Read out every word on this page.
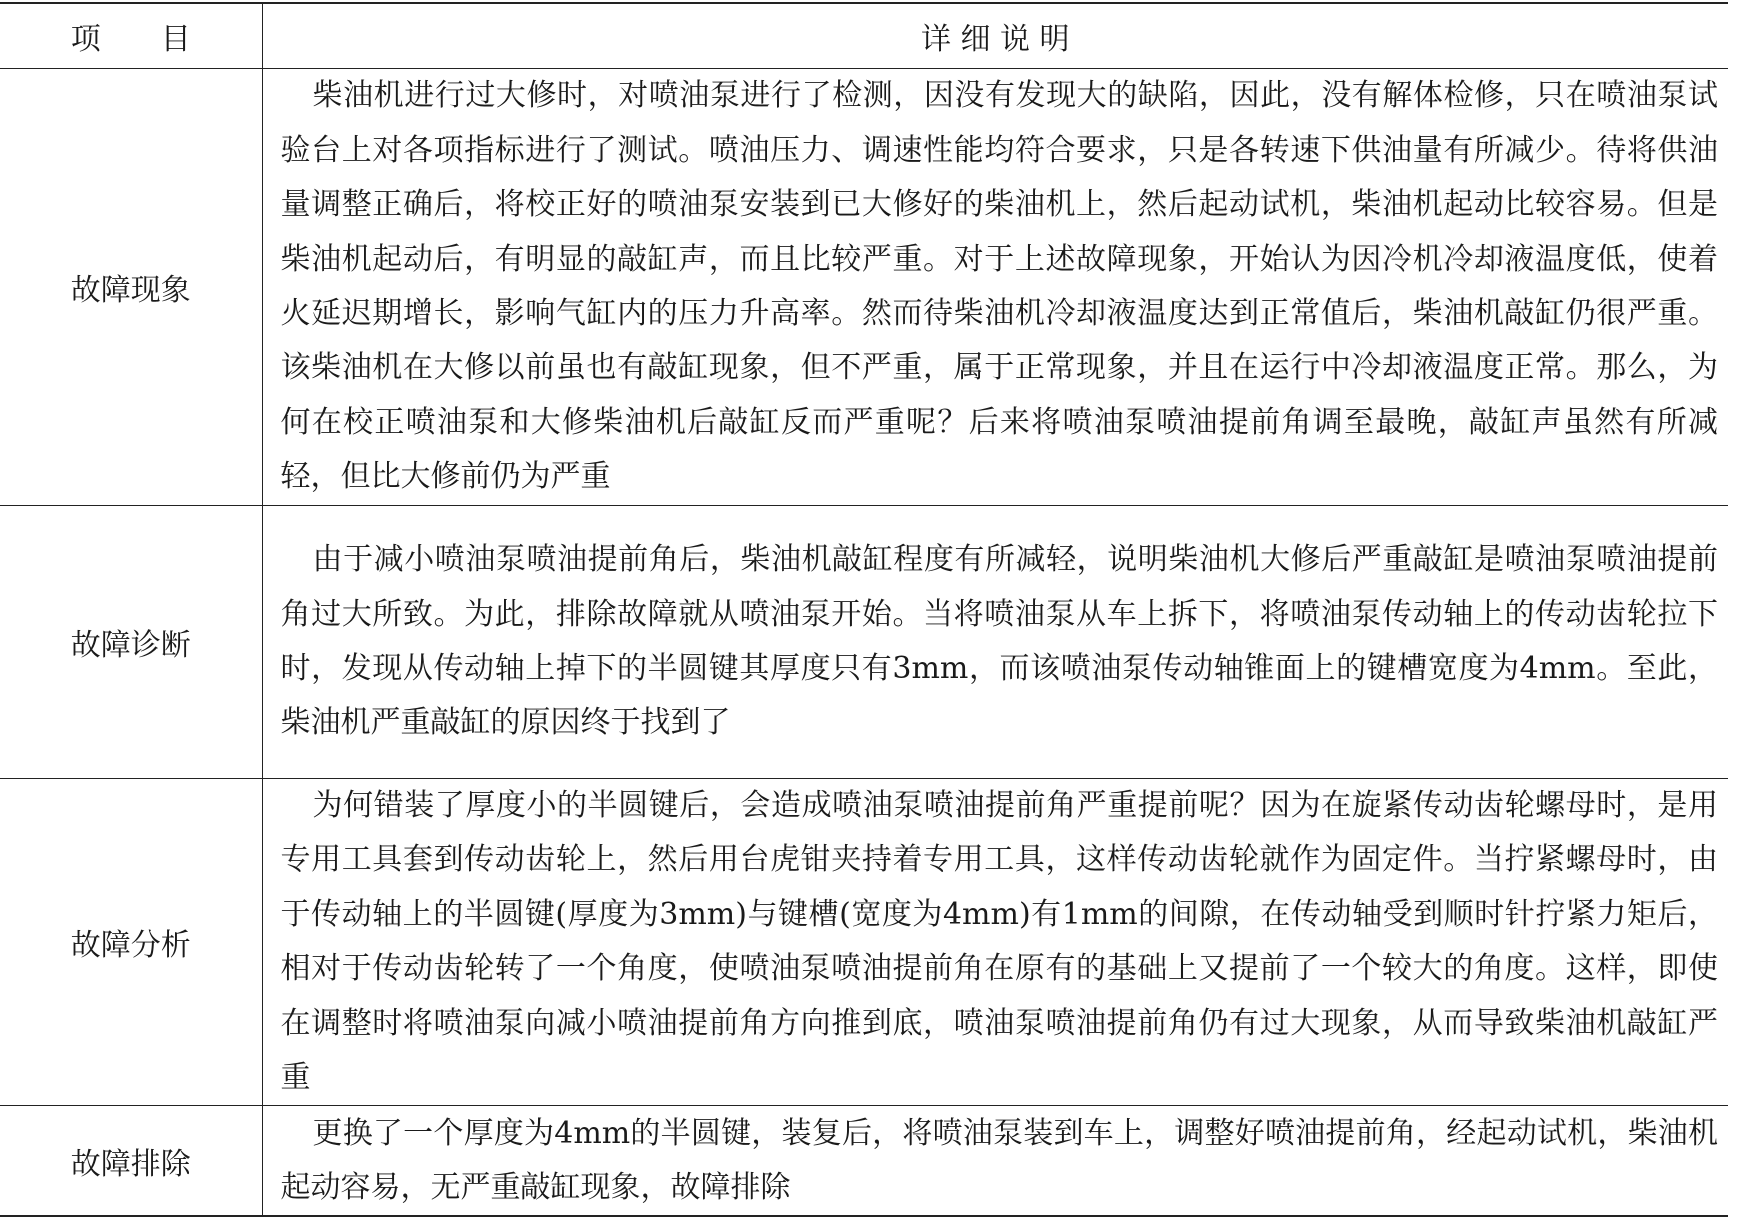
项　　目	详 细 说 明
故障现象	柴油机进行过大修时，对喷油泵进行了检测，因没有发现大的缺陷，因此，没有解体检修，只在喷油泵试验台上对各项指标进行了测试。喷油压力、调速性能均符合要求，只是各转速下供油量有所减少。待将供油量调整正确后，将校正好的喷油泵安装到已大修好的柴油机上，然后起动试机，柴油机起动比较容易。但是柴油机起动后，有明显的敲缸声，而且比较严重。对于上述故障现象，开始认为因冷机冷却液温度低，使着火延迟期增长，影响气缸内的压力升高率。然而待柴油机冷却液温度达到正常值后，柴油机敲缸仍很严重。该柴油机在大修以前虽也有敲缸现象，但不严重，属于正常现象，并且在运行中冷却液温度正常。那么，为何在校正喷油泵和大修柴油机后敲缸反而严重呢？后来将喷油泵喷油提前角调至最晚，敲缸声虽然有所减轻，但比大修前仍为严重
故障诊断	由于减小喷油泵喷油提前角后，柴油机敲缸程度有所减轻，说明柴油机大修后严重敲缸是喷油泵喷油提前角过大所致。为此，排除故障就从喷油泵开始。当将喷油泵从车上拆下，将喷油泵传动轴上的传动齿轮拉下时，发现从传动轴上掉下的半圆键其厚度只有3mm，而该喷油泵传动轴锥面上的键槽宽度为4mm。至此，柴油机严重敲缸的原因终于找到了
故障分析	为何错装了厚度小的半圆键后，会造成喷油泵喷油提前角严重提前呢？因为在旋紧传动齿轮螺母时，是用专用工具套到传动齿轮上，然后用台虎钳夹持着专用工具，这样传动齿轮就作为固定件。当拧紧螺母时，由于传动轴上的半圆键(厚度为3mm)与键槽(宽度为4mm)有1mm的间隙，在传动轴受到顺时针拧紧力矩后，相对于传动齿轮转了一个角度，使喷油泵喷油提前角在原有的基础上又提前了一个较大的角度。这样，即使在调整时将喷油泵向减小喷油提前角方向推到底，喷油泵喷油提前角仍有过大现象，从而导致柴油机敲缸严重
故障排除	更换了一个厚度为4mm的半圆键，装复后，将喷油泵装到车上，调整好喷油提前角，经起动试机，柴油机起动容易，无严重敲缸现象，故障排除
